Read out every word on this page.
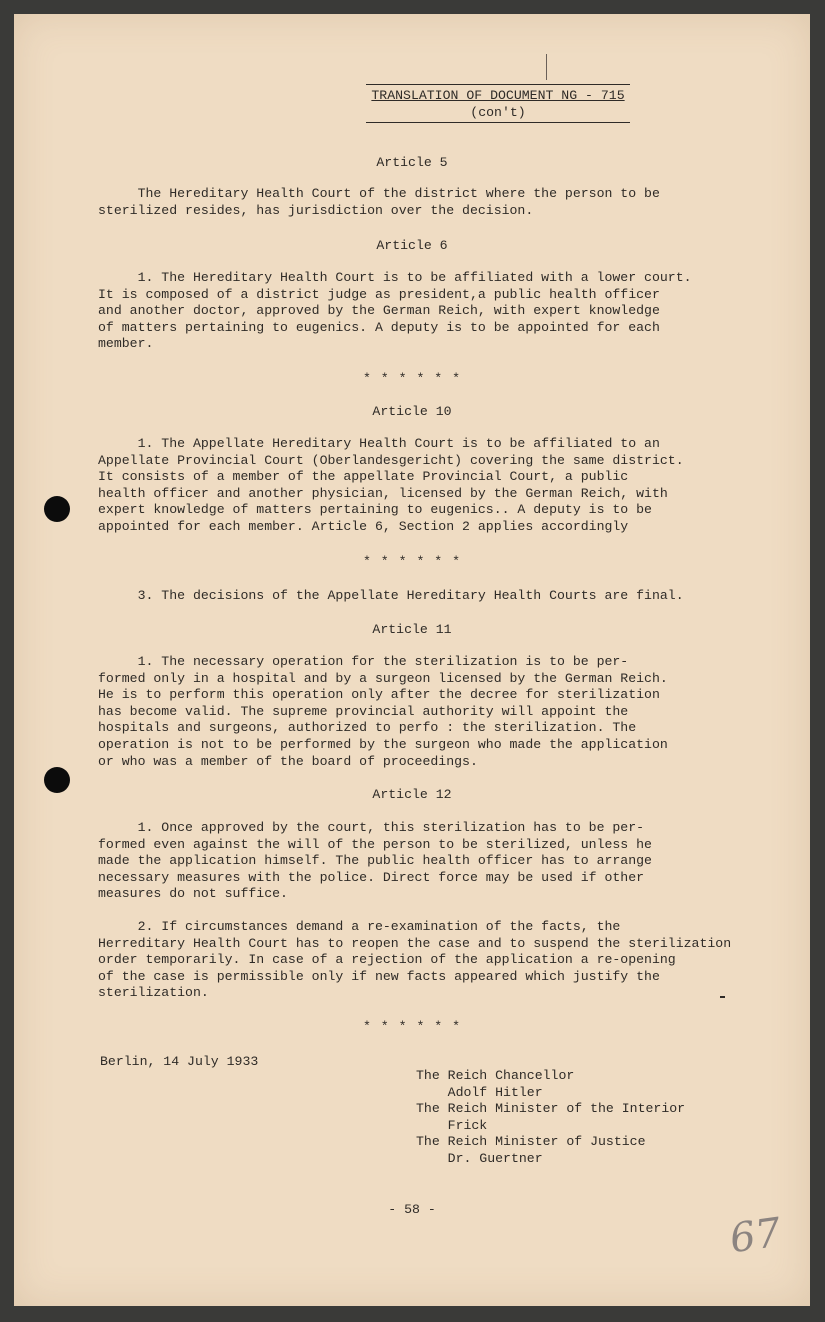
TRANSLATION OF DOCUMENT NG - 715
(con't)
Article 5
The Hereditary Health Court of the district where the person to be
sterilized resides, has jurisdiction over the decision.
Article 6
1. The Hereditary Health Court is to be affiliated with a lower court.
It is composed of a district judge as president,a public health officer
and another doctor, approved by the German Reich, with expert knowledge
of matters pertaining to eugenics. A deputy is to be appointed for each
member.
* * * * * *
Article 10
1. The Appellate Hereditary Health Court is to be affiliated to an
Appellate Provincial Court (Oberlandesgericht) covering the same district.
It consists of a member of the appellate Provincial Court, a public
health officer and another physician, licensed by the German Reich, with
expert knowledge of matters pertaining to eugenics.. A deputy is to be
appointed for each member. Article 6, Section 2 applies accordingly
* * * * * *
3. The decisions of the Appellate Hereditary Health Courts are final.
Article 11
1. The necessary operation for the sterilization is to be per-
formed only in a hospital and by a surgeon licensed by the German Reich.
He is to perform this operation only after the decree for sterilization
has become valid. The supreme provincial authority will appoint the
hospitals and surgeons, authorized to perfo : the sterilization. The
operation is not to be performed by the surgeon who made the application
or who was a member of the board of proceedings.
Article 12
1. Once approved by the court, this sterilization has to be per-
formed even against the will of the person to be sterilized, unless he
made the application himself. The public health officer has to arrange
necessary measures with the police. Direct force may be used if other
measures do not suffice.
2. If circumstances demand a re-examination of the facts, the
Herreditary Health Court has to reopen the case and to suspend the sterilization
order temporarily. In case of a rejection of the application a re-opening
of the case is permissible only if new facts appeared which justify the
sterilization.
* * * * * *
Berlin, 14 July 1933
The Reich Chancellor
Adolf Hitler
The Reich Minister of the Interior
Frick
The Reich Minister of Justice
Dr. Guertner
- 58 -
67
